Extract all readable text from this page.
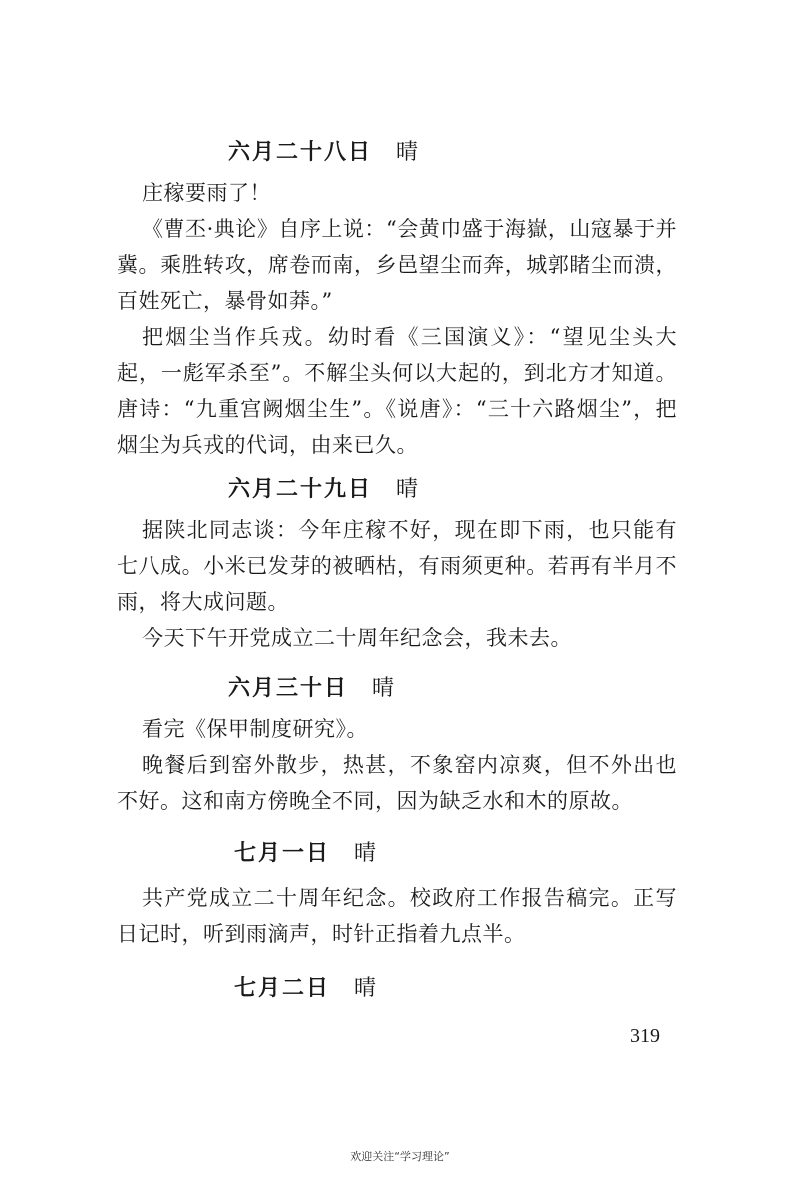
六月二十八日 晴

庄稼要雨了！

《曹丕·典论》自序上说：“会黄巾盛于海嶽，山寇暴于并冀。乘胜转攻，席卷而南，乡邑望尘而奔，城郭睹尘而溃，百姓死亡，暴骨如莽。”

把烟尘当作兵戎。幼时看《三国演义》：“望见尘头大起，一彪军杀至”。不解尘头何以大起的，到北方才知道。唐诗：“九重宫阙烟尘生”。《说唐》：“三十六路烟尘”，把烟尘为兵戎的代词，由来已久。

六月二十九日 晴

据陕北同志谈：今年庄稼不好，现在即下雨，也只能有七八成。小米已发芽的被晒枯，有雨须更种。若再有半月不雨，将大成问题。

今天下午开党成立二十周年纪念会，我未去。

六月三十日 晴

看完《保甲制度研究》。

晚餐后到窑外散步，热甚，不象窑内凉爽，但不外出也不好。这和南方傍晚全不同，因为缺乏水和木的原故。

七月一日 晴

共产党成立二十周年纪念。校政府工作报告稿完。正写日记时，听到雨滴声，时针正指着九点半。

七月二日 晴
319
欢迎关注“学习理论”
